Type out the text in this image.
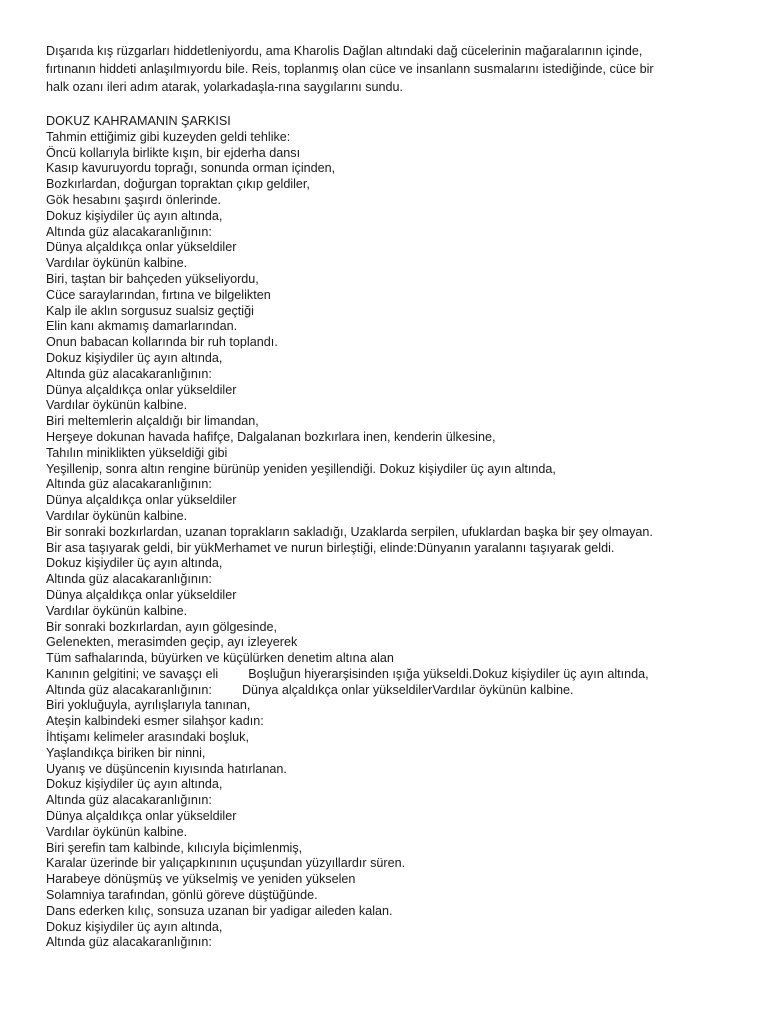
Dışarıda kış rüzgarları hiddetleniyordu, ama Kharolis Dağlan altındaki dağ cücelerinin mağaralarının içinde,
fırtınanın hiddeti anlaşılmıyordu bile. Reis, toplanmış olan cüce ve insanlann susmalarını istediğinde, cüce bir
halk ozanı ileri adım atarak, yolarkadaşla-rına saygılarını sundu.
DOKUZ KAHRAMANIN ŞARKISI
Tahmin ettiğimiz gibi kuzeyden geldi tehlike:
Öncü kollarıyla birlikte kışın, bir ejderha dansı
Kasıp kavuruyordu toprağı, sonunda orman içinden,
Bozkırlardan, doğurgan topraktan çıkıp geldiler,
Gök hesabını şaşırdı önlerinde.
Dokuz kişiydiler üç ayın altında,
Altında güz alacakaranlığının:
Dünya alçaldıkça onlar yükseldiler
Vardılar öykünün kalbine.
Biri, taştan bir bahçeden yükseliyordu,
Cüce saraylarından, fırtına ve bilgelikten
Kalp ile aklın sorgusuz sualsiz geçtiği
Elin kanı akmamış damarlarından.
Onun babacan kollarında bir ruh toplandı.
Dokuz kişiydiler üç ayın altında,
Altında güz alacakaranlığının:
Dünya alçaldıkça onlar yükseldiler
Vardılar öykünün kalbine.
Biri meltemlerin alçaldığı bir limandan,
Herşeye dokunan havada hafifçe, Dalgalanan bozkırlara inen, kenderin ülkesine,
Tahılın miniklikten yükseldiği gibi
Yeşillenip, sonra altın rengine bürünüp yeniden yeşillendiği. Dokuz kişiydiler üç ayın altında,
Altında güz alacakaranlığının:
Dünya alçaldıkça onlar yükseldiler
Vardılar öykünün kalbine.
Bir sonraki bozkırlardan, uzanan toprakların sakladığı, Uzaklarda serpilen, ufuklardan başka bir şey olmayan.
Bir asa taşıyarak geldi, bir yükMerhamet ve nurun birleştiği, elinde:Dünyanın yaralannı taşıyarak geldi.
Dokuz kişiydiler üç ayın altında,
Altında güz alacakaranlığının:
Dünya alçaldıkça onlar yükseldiler
Vardılar öykünün kalbine.
Bir sonraki bozkırlardan, ayın gölgesinde,
Gelenekten, merasimden geçip, ayı izleyerek
Tüm safhalarında, büyürken ve küçülürken denetim altına alan
Kanının gelgitini; ve savaşçı eli Boşluğun hiyerarşisinden ışığa yükseldi.Dokuz kişiydiler üç ayın altında,
Altında güz alacakaranlığının: Dünya alçaldıkça onlar yükseldilerVardılar öykünün kalbine.
Biri yokluğuyla, ayrılışlarıyla tanınan,
Ateşin kalbindeki esmer silahşor kadın:
İhtişamı kelimeler arasındaki boşluk,
Yaşlandıkça biriken bir ninni,
Uyanış ve düşüncenin kıyısında hatırlanan.
Dokuz kişiydiler üç ayın altında,
Altında güz alacakaranlığının:
Dünya alçaldıkça onlar yükseldiler
Vardılar öykünün kalbine.
Biri şerefin tam kalbinde, kılıcıyla biçimlenmiş,
Karalar üzerinde bir yalıçapkınının uçuşundan yüzyıllardır süren.
Harabeye dönüşmüş ve yükselmiş ve yeniden yükselen
Solamniya tarafından, gönlü göreve düştüğünde.
Dans ederken kılıç, sonsuza uzanan bir yadigar aileden kalan.
Dokuz kişiydiler üç ayın altında,
Altında güz alacakaranlığının:
